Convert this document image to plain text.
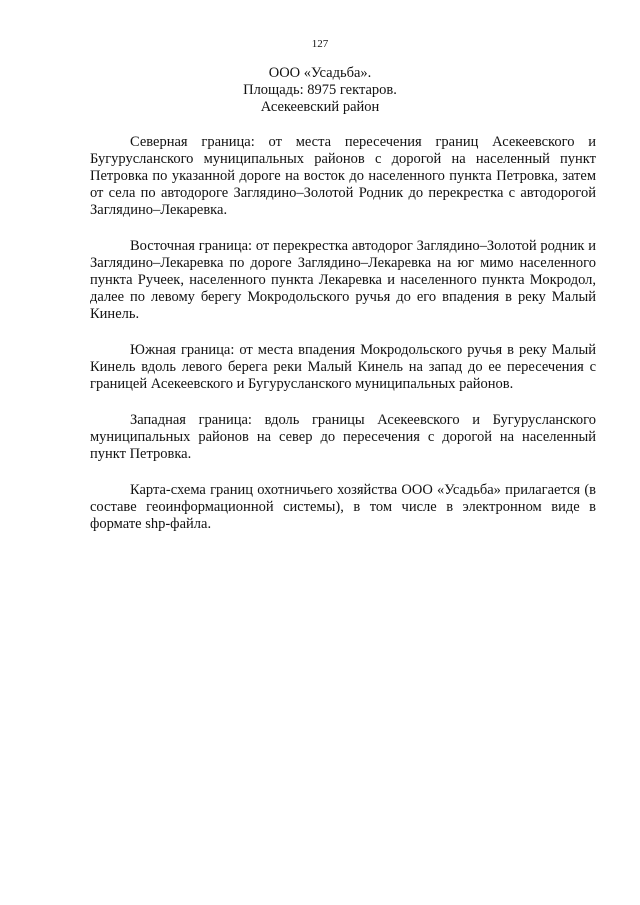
127
ООО «Усадьба».
Площадь: 8975 гектаров.
Асекеевский район

Северная граница: от места пересечения границ Асекеевского и Бугурусланского муниципальных районов с дорогой на населенный пункт Петровка по указанной дороге на восток до населенного пункта Петровка, затем от села по автодороге Заглядино–Золотой Родник до перекрестка с автодорогой Заглядино–Лекаревка.

Восточная граница: от перекрестка автодорог Заглядино–Золотой родник и Заглядино–Лекаревка по дороге Заглядино–Лекаревка на юг мимо населенного пункта Ручеек, населенного пункта Лекаревка и населенного пункта Мокродол, далее по левому берегу Мокродольского ручья до его впадения в реку Малый Кинель.

Южная граница: от места впадения Мокродольского ручья в реку Малый Кинель вдоль левого берега реки Малый Кинель на запад до ее пересечения с границей Асекеевского и Бугурусланского муниципальных районов.

Западная граница: вдоль границы Асекеевского и Бугурусланского муниципальных районов на север до пересечения с дорогой на населенный пункт Петровка.

Карта-схема границ охотничьего хозяйства ООО «Усадьба» прилагается (в составе геоинформационной системы), в том числе в электронном виде в формате shp-файла.
